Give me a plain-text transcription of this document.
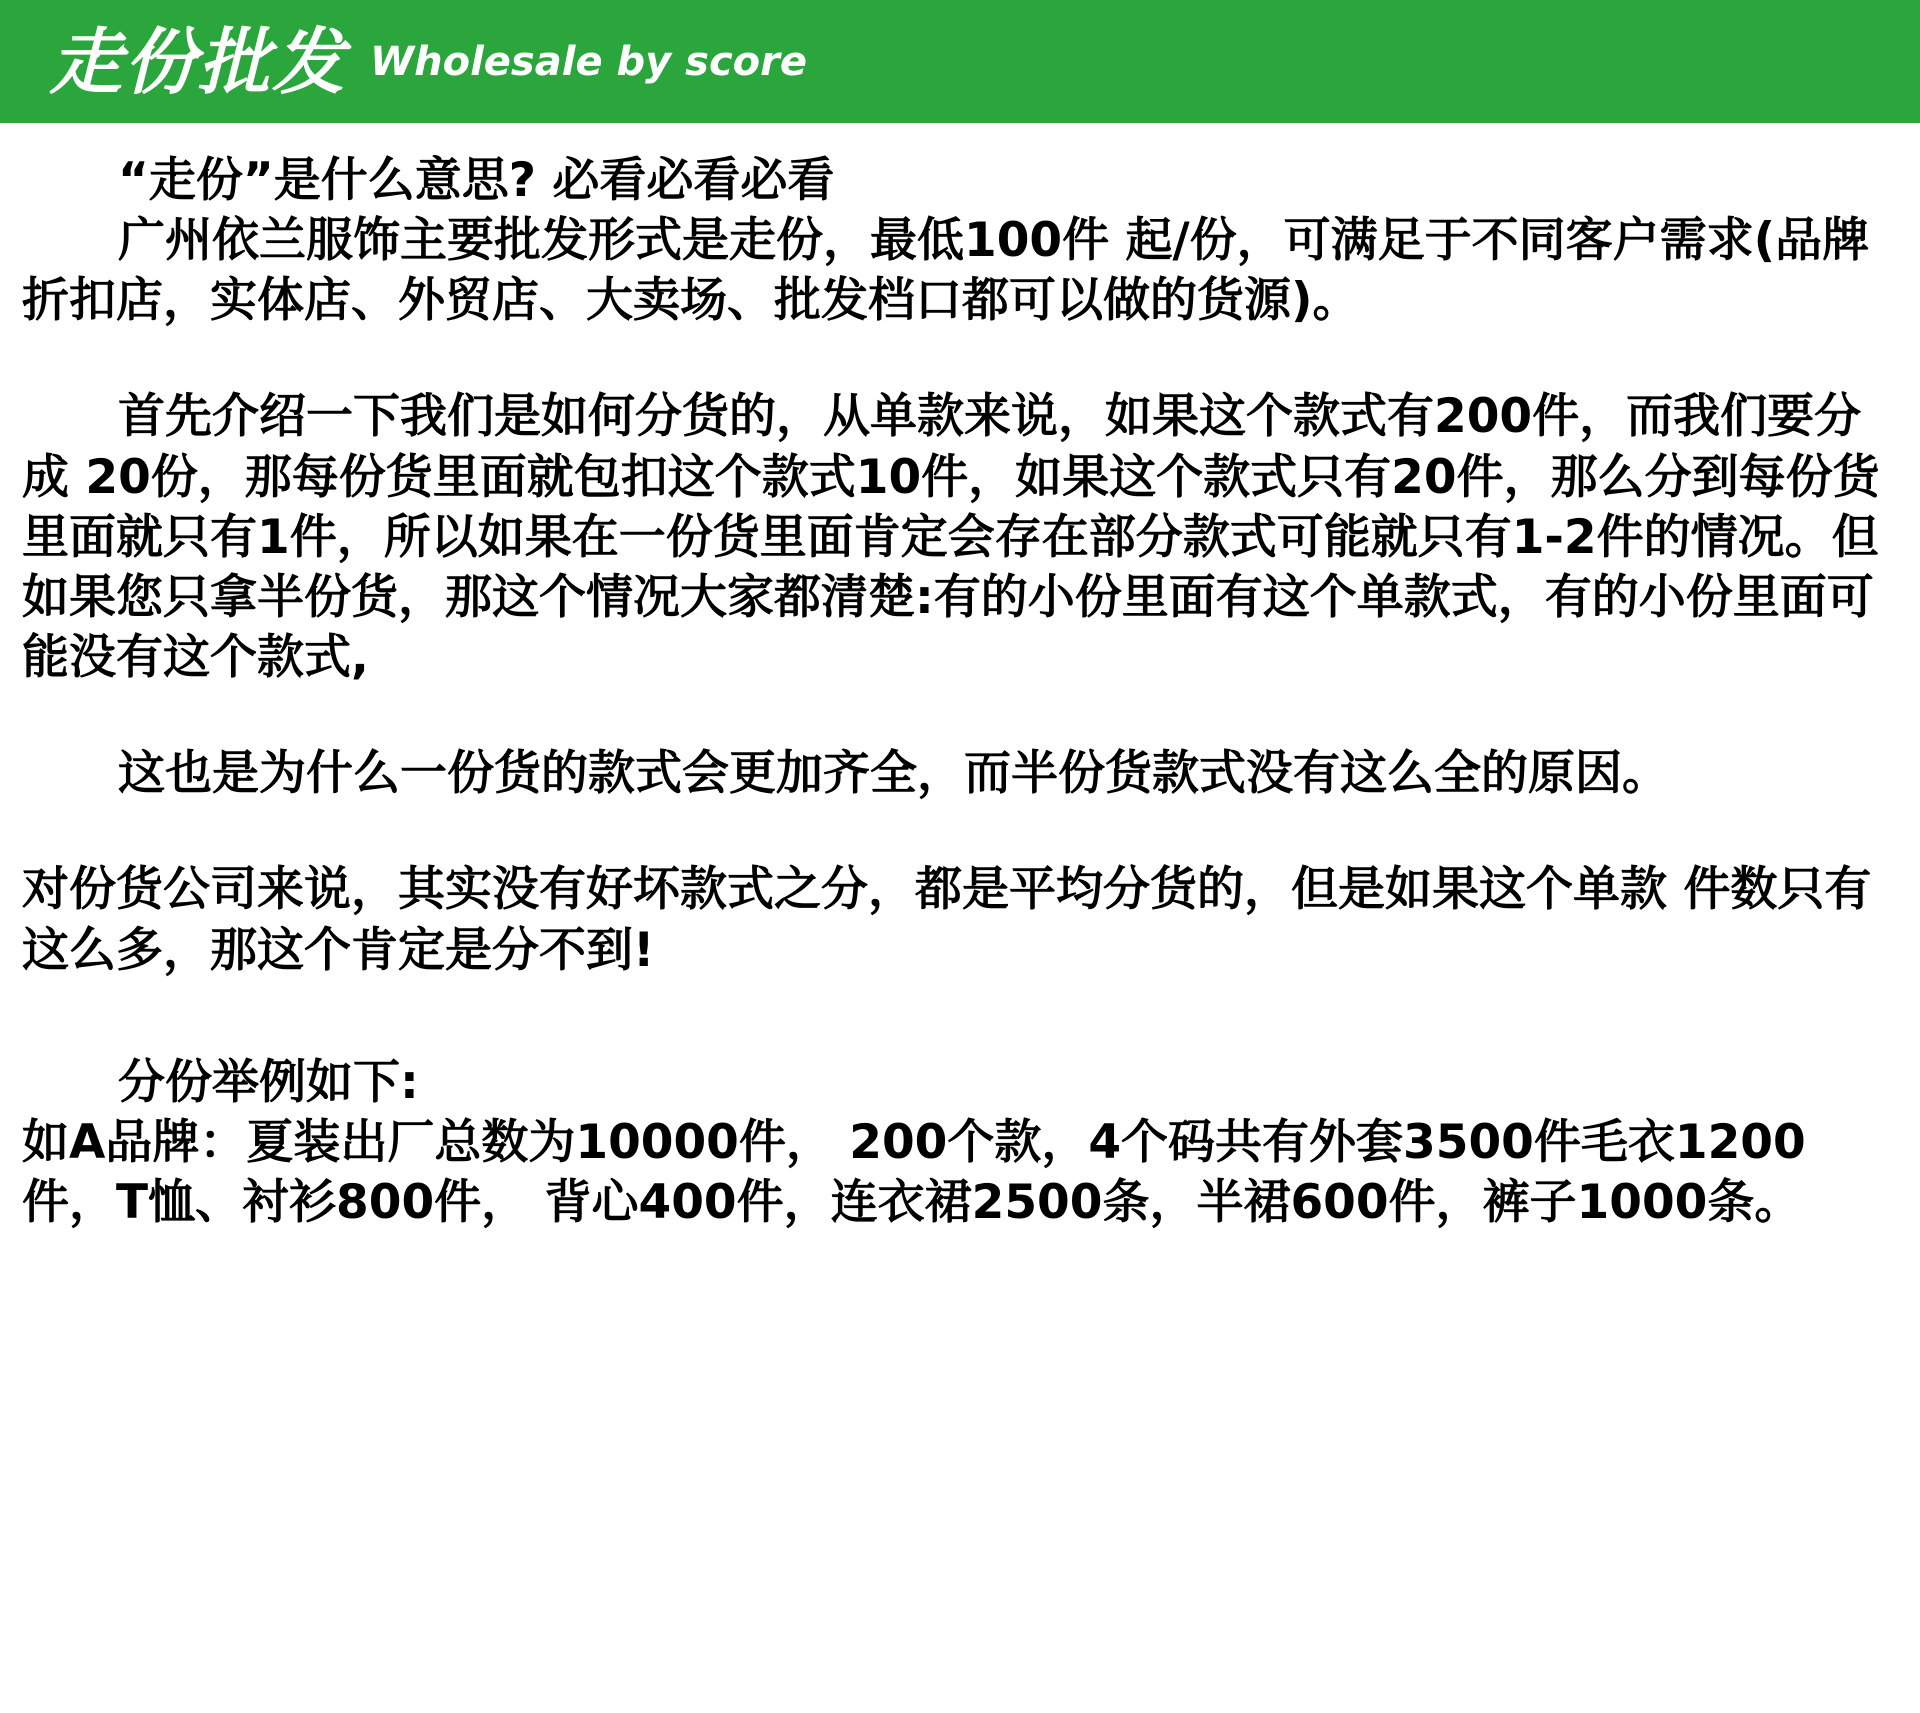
走份批发 Wholesale by score

“走份”是什么意思? 必看必看必看

广州依兰服饰主要批发形式是走份，最低100件 起/份，可满足于不同客户需求(品牌折扣店，实体店、外贸店、大卖场、批发档口都可以做的货源)。

首先介绍一下我们是如何分货的，从单款来说，如果这个款式有200件，而我们要分成 20份，那每份货里面就包扣这个款式10件，如果这个款式只有20件，那么分到每份货里面就只有1件，所以如果在一份货里面肯定会存在部分款式可能就只有1-2件的情况。但如果您只拿半份货，那这个情况大家都清楚:有的小份里面有这个单款式，有的小份里面可能没有这个款式,

这也是为什么一份货的款式会更加齐全，而半份货款式没有这么全的原因。

对份货公司来说，其实没有好坏款式之分，都是平均分货的，但是如果这个单款 件数只有这么多，那这个肯定是分不到!

分份举例如下:

如A品牌：夏装出厂总数为10000件， 200个款，4个码共有外套3500件毛衣1200件，T恤、衬衫800件， 背心400件，连衣裙2500条，半裙600件，裤子1000条。
